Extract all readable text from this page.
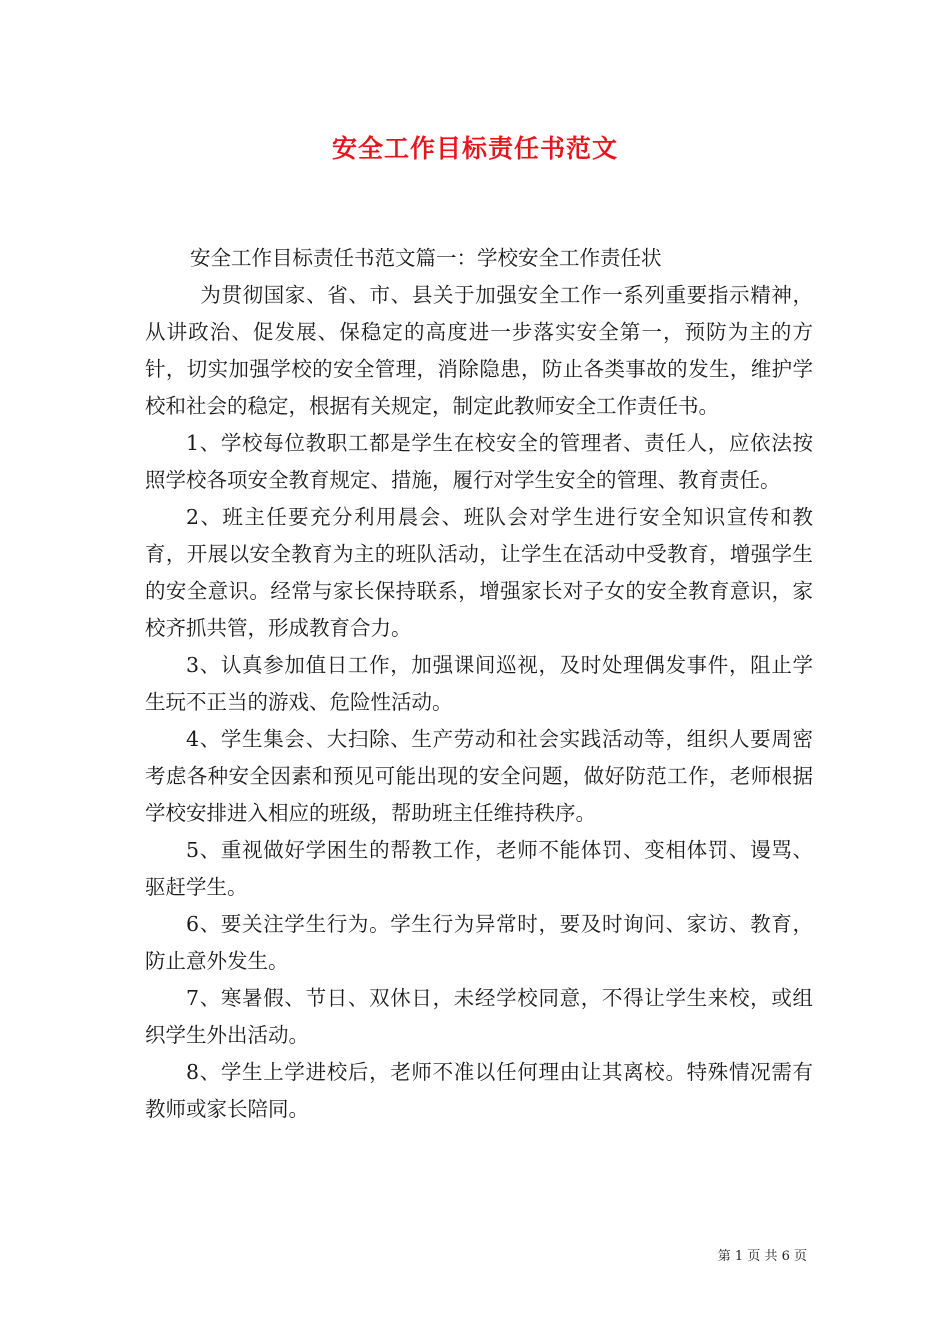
安全工作目标责任书范文

安全工作目标责任书范文篇一：学校安全工作责任状

为贯彻国家、省、市、县关于加强安全工作一系列重要指示精神，从讲政治、促发展、保稳定的高度进一步落实安全第一，预防为主的方针，切实加强学校的安全管理，消除隐患，防止各类事故的发生，维护学校和社会的稳定，根据有关规定，制定此教师安全工作责任书。

1、学校每位教职工都是学生在校安全的管理者、责任人，应依法按照学校各项安全教育规定、措施，履行对学生安全的管理、教育责任。

2、班主任要充分利用晨会、班队会对学生进行安全知识宣传和教育，开展以安全教育为主的班队活动，让学生在活动中受教育，增强学生的安全意识。经常与家长保持联系，增强家长对子女的安全教育意识，家校齐抓共管，形成教育合力。

3、认真参加值日工作，加强课间巡视，及时处理偶发事件，阻止学生玩不正当的游戏、危险性活动。

4、学生集会、大扫除、生产劳动和社会实践活动等，组织人要周密考虑各种安全因素和预见可能出现的安全问题，做好防范工作，老师根据学校安排进入相应的班级，帮助班主任维持秩序。

5、重视做好学困生的帮教工作，老师不能体罚、变相体罚、谩骂、驱赶学生。

6、要关注学生行为。学生行为异常时，要及时询问、家访、教育，防止意外发生。

7、寒暑假、节日、双休日，未经学校同意，不得让学生来校，或组织学生外出活动。

8、学生上学进校后，老师不准以任何理由让其离校。特殊情况需有教师或家长陪同。

第 1 页 共 6 页
